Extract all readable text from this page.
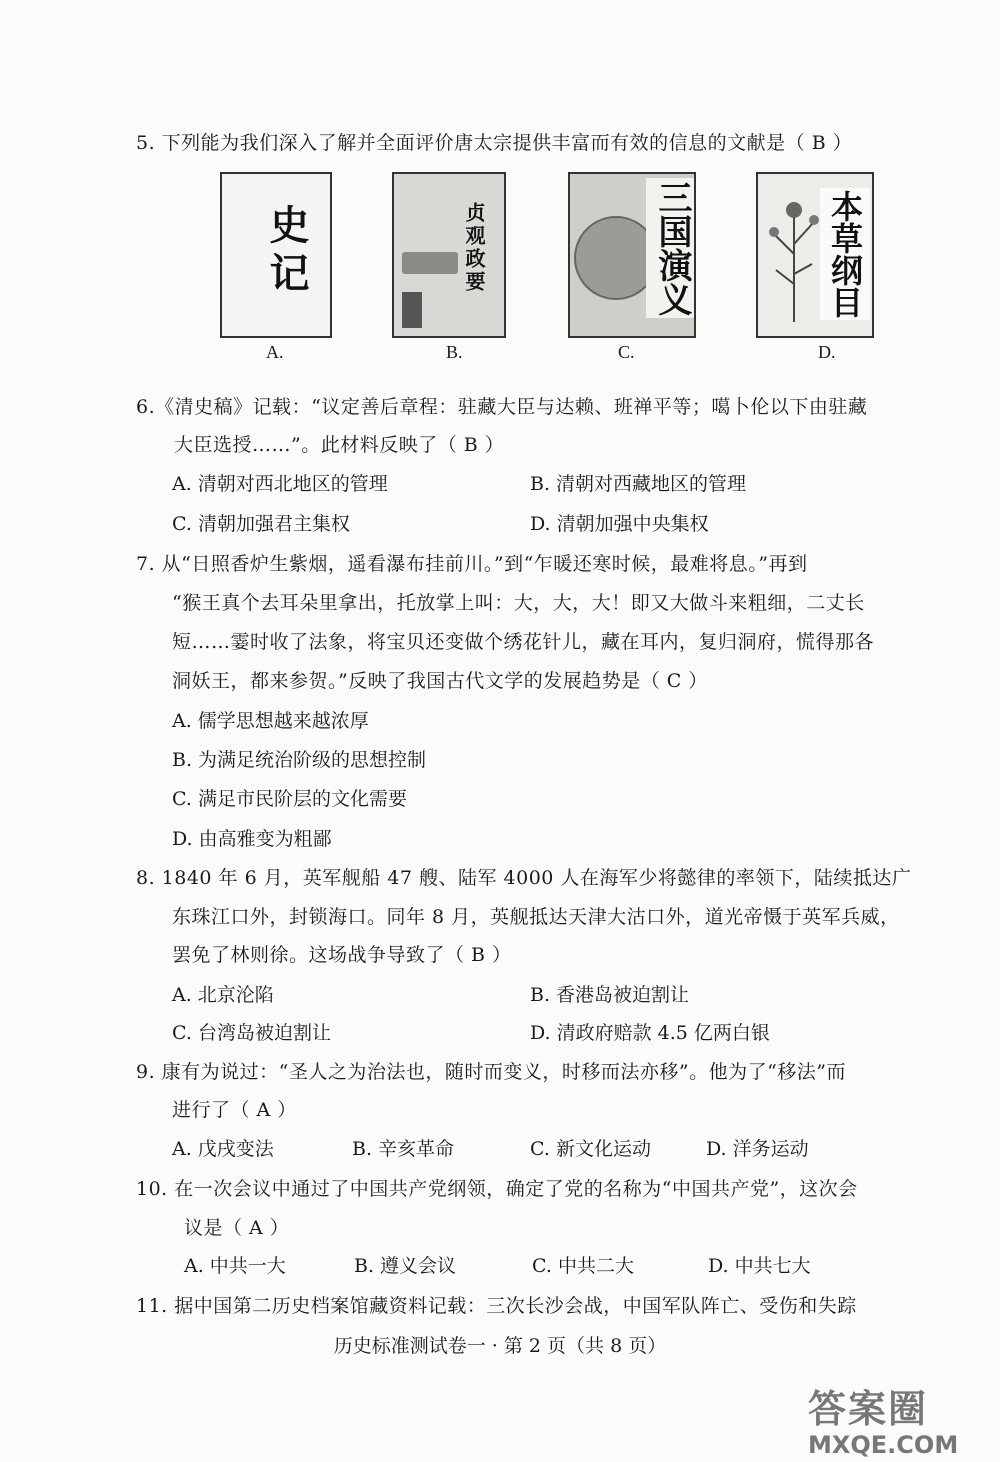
5. 下列能为我们深入了解并全面评价唐太宗提供丰富而有效的信息的文献是（ B ）
史记
A.
贞观政要
B.
三国演义
C.
本草纲目
D.
6.《清史稿》记载：“议定善后章程：驻藏大臣与达赖、班禅平等；噶卜伦以下由驻藏
大臣选授……”。此材料反映了（ B ）
A. 清朝对西北地区的管理	B. 清朝对西藏地区的管理
C. 清朝加强君主集权	D. 清朝加强中央集权
7. 从“日照香炉生紫烟，遥看瀑布挂前川。”到“乍暖还寒时候，最难将息。”再到
“猴王真个去耳朵里拿出，托放掌上叫：大，大，大！即又大做斗来粗细，二丈长
短……霎时收了法象，将宝贝还变做个绣花针儿，藏在耳内，复归洞府，慌得那各
洞妖王，都来参贺。”反映了我国古代文学的发展趋势是（ C ）
A. 儒学思想越来越浓厚
B. 为满足统治阶级的思想控制
C. 满足市民阶层的文化需要
D. 由高雅变为粗鄙
8. 1840 年 6 月，英军舰船 47 艘、陆军 4000 人在海军少将懿律的率领下，陆续抵达广
东珠江口外，封锁海口。同年 8 月，英舰抵达天津大沽口外，道光帝慑于英军兵威，
罢免了林则徐。这场战争导致了（ B ）
A. 北京沦陷	B. 香港岛被迫割让
C. 台湾岛被迫割让	D. 清政府赔款 4.5 亿两白银
9. 康有为说过：“圣人之为治法也，随时而变义，时移而法亦移”。他为了“移法”而
进行了（ A ）
A. 戊戌变法	B. 辛亥革命	C. 新文化运动	D. 洋务运动
10. 在一次会议中通过了中国共产党纲领，确定了党的名称为“中国共产党”，这次会
议是（ A ）
A. 中共一大	B. 遵义会议	C. 中共二大	D. 中共七大
11. 据中国第二历史档案馆藏资料记载：三次长沙会战，中国军队阵亡、受伤和失踪
历史标准测试卷一 · 第 2 页（共 8 页）
答案圈
MXQE.COM
